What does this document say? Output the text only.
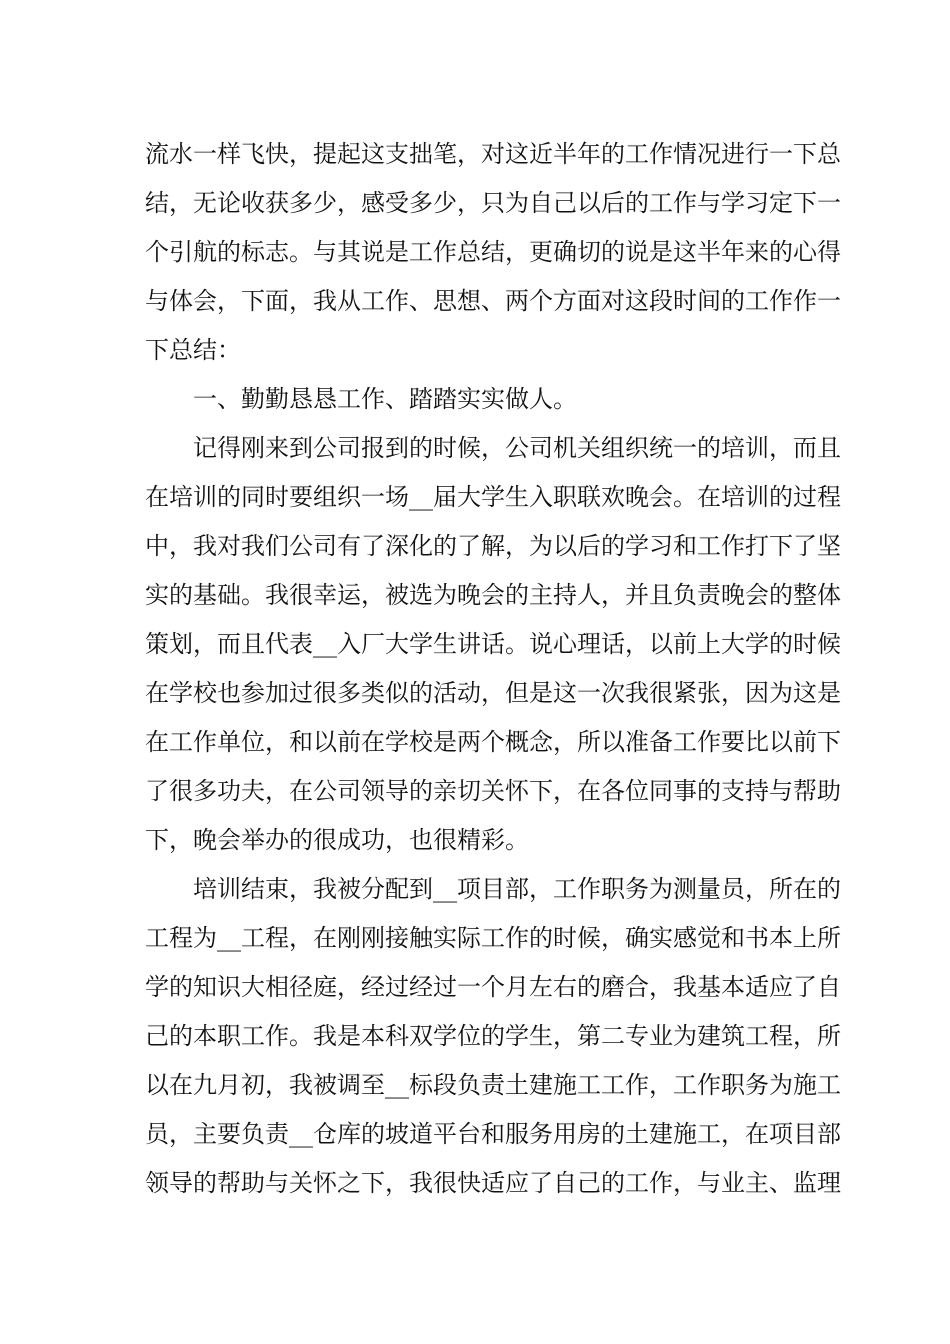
流水一样飞快，提起这支拙笔，对这近半年的工作情况进行一下总
结，无论收获多少，感受多少，只为自己以后的工作与学习定下一
个引航的标志。与其说是工作总结，更确切的说是这半年来的心得
与体会，下面，我从工作、思想、两个方面对这段时间的工作作一
下总结：
一、勤勤恳恳工作、踏踏实实做人。
记得刚来到公司报到的时候，公司机关组织统一的培训，而且
在培训的同时要组织一场__届大学生入职联欢晚会。在培训的过程
中，我对我们公司有了深化的了解，为以后的学习和工作打下了坚
实的基础。我很幸运，被选为晚会的主持人，并且负责晚会的整体
策划，而且代表__入厂大学生讲话。说心理话，以前上大学的时候
在学校也参加过很多类似的活动，但是这一次我很紧张，因为这是
在工作单位，和以前在学校是两个概念，所以准备工作要比以前下
了很多功夫，在公司领导的亲切关怀下，在各位同事的支持与帮助
下，晚会举办的很成功，也很精彩。
培训结束，我被分配到__项目部，工作职务为测量员，所在的
工程为__工程，在刚刚接触实际工作的时候，确实感觉和书本上所
学的知识大相径庭，经过经过一个月左右的磨合，我基本适应了自
己的本职工作。我是本科双学位的学生，第二专业为建筑工程，所
以在九月初，我被调至__标段负责土建施工工作，工作职务为施工
员，主要负责__仓库的坡道平台和服务用房的土建施工，在项目部
领导的帮助与关怀之下，我很快适应了自己的工作，与业主、监理
